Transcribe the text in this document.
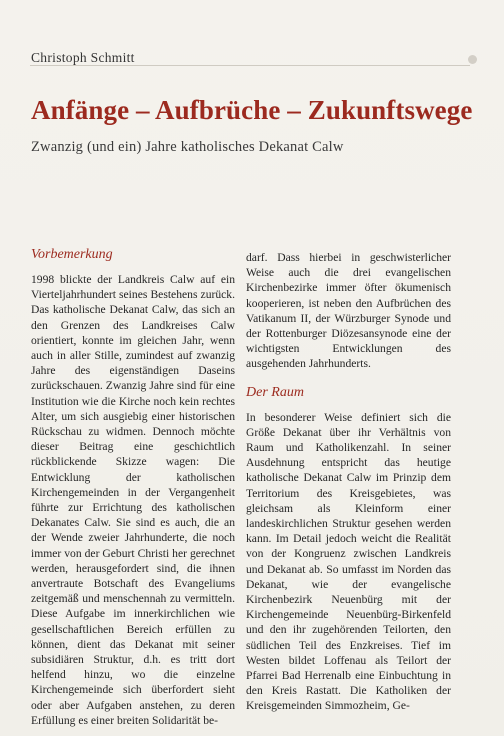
Christoph Schmitt
Anfänge – Aufbrüche – Zukunftswege
Zwanzig (und ein) Jahre katholisches Dekanat Calw
Vorbemerkung

1998 blickte der Landkreis Calw auf ein Vierteljahrhundert seines Bestehens zurück. Das katholische Dekanat Calw, das sich an den Grenzen des Landkreises Calw orientiert, konnte im gleichen Jahr, wenn auch in aller Stille, zumindest auf zwanzig Jahre des eigenständigen Daseins zurückschauen. Zwanzig Jahre sind für eine Institution wie die Kirche noch kein rechtes Alter, um sich ausgiebig einer historischen Rückschau zu widmen. Dennoch möchte dieser Beitrag eine geschichtlich rückblickende Skizze wagen: Die Entwicklung der katholischen Kirchengemeinden in der Vergangenheit führte zur Errichtung des katholischen Dekanates Calw. Sie sind es auch, die an der Wende zweier Jahrhunderte, die noch immer von der Geburt Christi her gerechnet werden, herausgefordert sind, die ihnen anvertraute Botschaft des Evangeliums zeitgemäß und menschennah zu vermitteln. Diese Aufgabe im innerkirchlichen wie gesellschaftlichen Bereich erfüllen zu können, dient das Dekanat mit seiner subsidiären Struktur, d.h. es tritt dort helfend hinzu, wo die einzelne Kirchengemeinde sich überfordert sieht oder aber Aufgaben anstehen, zu deren Erfüllung es einer breiten Solidarität be-

darf. Dass hierbei in geschwisterlicher Weise auch die drei evangelischen Kirchenbezirke immer öfter ökumenisch kooperieren, ist neben den Aufbrüchen des Vatikanum II, der Würzburger Synode und der Rottenburger Diözesansynode eine der wichtigsten Entwicklungen des ausgehenden Jahrhunderts.

Der Raum

In besonderer Weise definiert sich die Größe Dekanat über ihr Verhältnis von Raum und Katholikenzahl. In seiner Ausdehnung entspricht das heutige katholische Dekanat Calw im Prinzip dem Territorium des Kreisgebietes, was gleichsam als Kleinform einer landeskirchlichen Struktur gesehen werden kann. Im Detail jedoch weicht die Realität von der Kongruenz zwischen Landkreis und Dekanat ab. So umfasst im Norden das Dekanat, wie der evangelische Kirchenbezirk Neuenbürg mit der Kirchengemeinde Neuenbürg-Birkenfeld und den ihr zugehörenden Teilorten, den südlichen Teil des Enzkreises. Tief im Westen bildet Loffenau als Teilort der Pfarrei Bad Herrenalb eine Einbuchtung in den Kreis Rastatt. Die Katholiken der Kreisgemeinden Simmozheim, Ge-
